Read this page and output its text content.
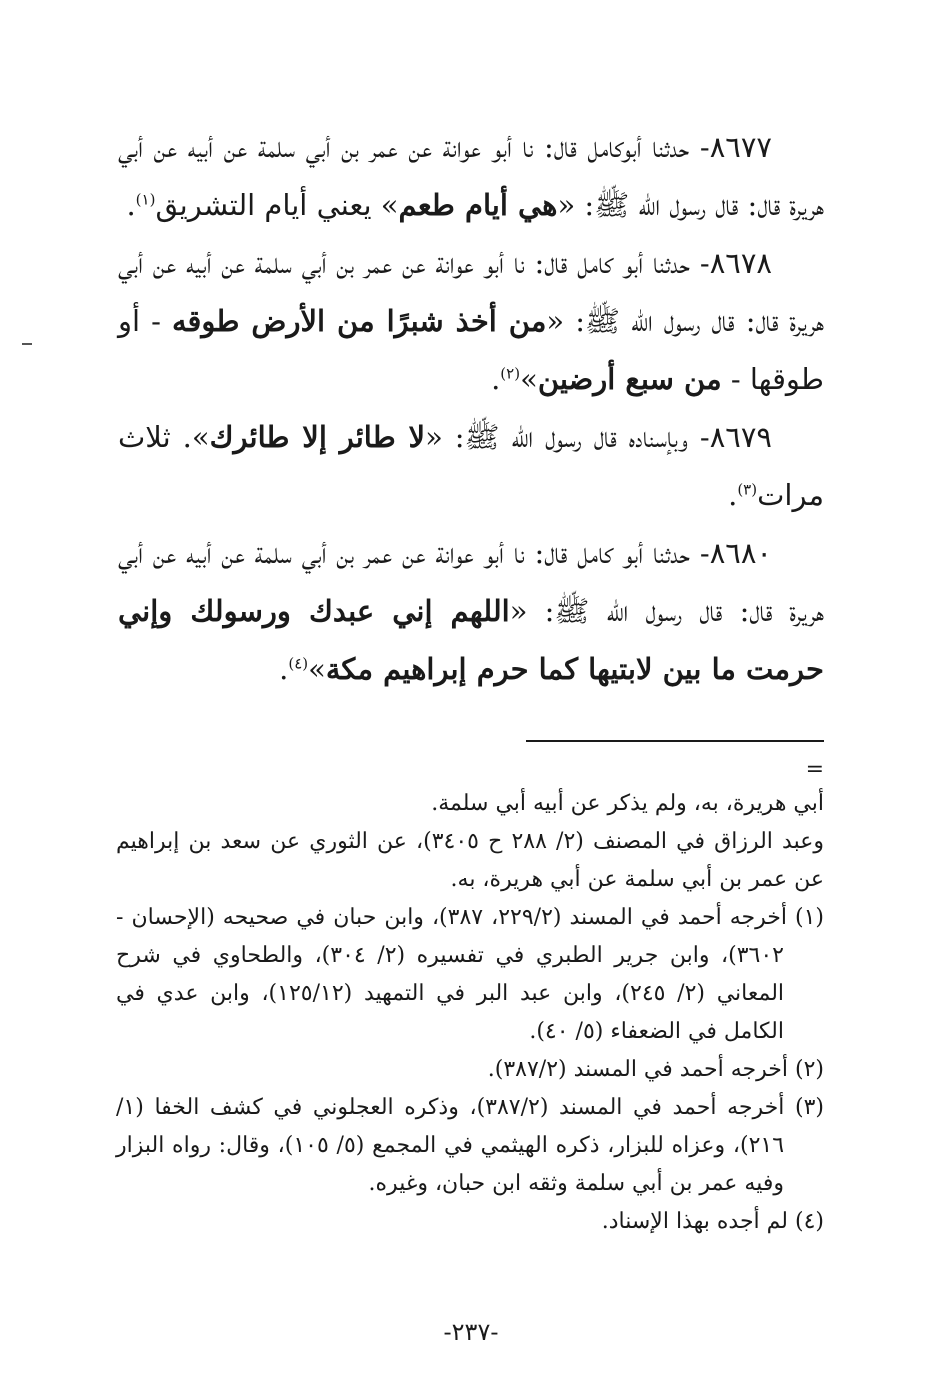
٨٦٧٧- حدثنا أبوكامل قال: نا أبو عوانة عن عمر بن أبي سلمة عن أبيه عن أبي هريرة قال: قال رسول الله ﷺ: «هي أيام طعم» يعني أيام التشريق$^{(١)}$.

٨٦٧٨- حدثنا أبو كامل قال: نا أبو عوانة عن عمر بن أبي سلمة عن أبيه عن أبي هريرة قال: قال رسول الله ﷺ: «من أخذ شبرًا من الأرض طوقه - أو طوقها - من سبع أرضين»$^{(٢)}$.

٨٦٧٩- وبإسناده قال رسول الله ﷺ: «لا طائر إلا طائرك». ثلاث مرات$^{(٣)}$.

٨٦٨٠- حدثنا أبو كامل قال: نا أبو عوانة عن عمر بن أبي سلمة عن أبيه عن أبي هريرة قال: قال رسول الله ﷺ: «اللهم إني عبدك ورسولك وإني حرمت ما بين لابتيها كما حرم إبراهيم مكة»$^{(٤)}$.

=

أبي هريرة، به، ولم يذكر عن أبيه أبي سلمة.

وعبد الرزاق في المصنف (٢/ ٢٨٨ ح ٣٤٠٥)، عن الثوري عن سعد بن إبراهيم عن عمر بن أبي سلمة عن أبي هريرة، به.

(١) أخرجه أحمد في المسند (٢٢٩/٢، ٣٨٧)، وابن حبان في صحيحه (الإحسان - ٣٦٠٢)، وابن جرير الطبري في تفسيره (٢/ ٣٠٤)، والطحاوي في شرح المعاني (٢/ ٢٤٥)، وابن عبد البر في التمهيد (١٢٥/١٢)، وابن عدي في الكامل في الضعفاء (٥/ ٤٠).

(٢) أخرجه أحمد في المسند (٣٨٧/٢).

(٣) أخرجه أحمد في المسند (٣٨٧/٢)، وذكره العجلوني في كشف الخفا (١/ ٢١٦)، وعزاه للبزار، ذكره الهيثمي في المجمع (٥/ ١٠٥)، وقال: رواه البزار وفيه عمر بن أبي سلمة وثقه ابن حبان، وغيره.

(٤) لم أجده بهذا الإسناد.

-٢٣٧-
